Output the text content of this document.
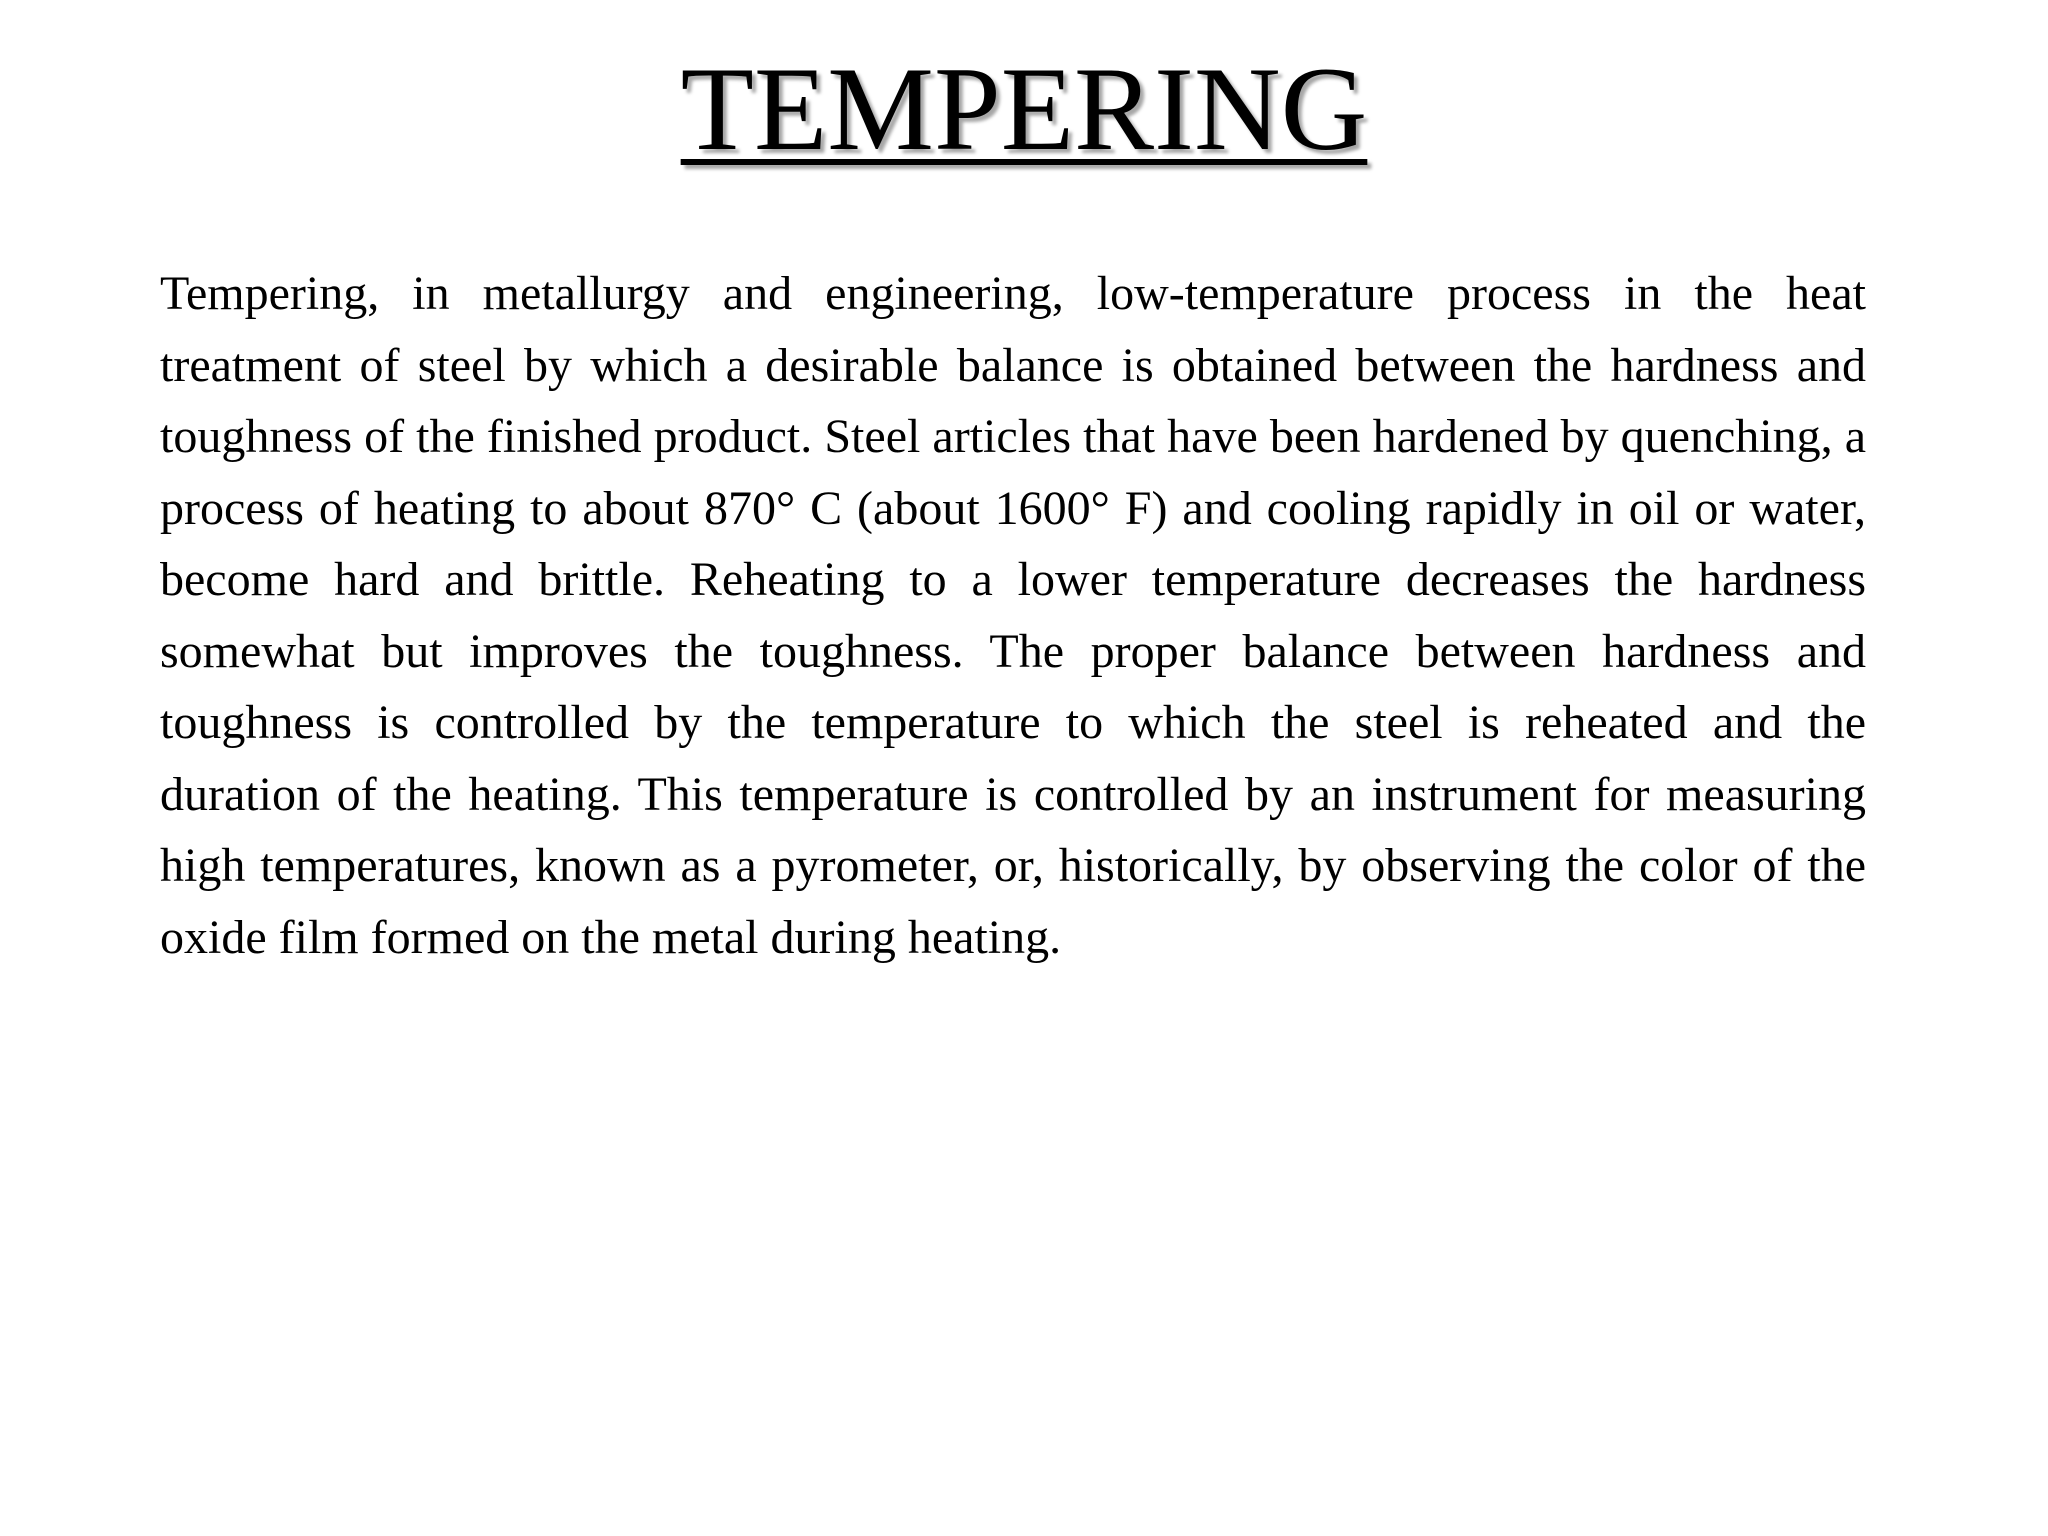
TEMPERING

Tempering, in metallurgy and engineering, low-temperature process in the heat treatment of steel by which a desirable balance is obtained between the hardness and toughness of the finished product. Steel articles that have been hardened by quenching, a process of heating to about 870° C (about 1600° F) and cooling rapidly in oil or water, become hard and brittle. Reheating to a lower temperature decreases the hardness somewhat but improves the toughness. The proper balance between hardness and toughness is controlled by the temperature to which the steel is reheated and the duration of the heating. This temperature is controlled by an instrument for measuring high temperatures, known as a pyrometer, or, historically, by observing the color of the oxide film formed on the metal during heating.
